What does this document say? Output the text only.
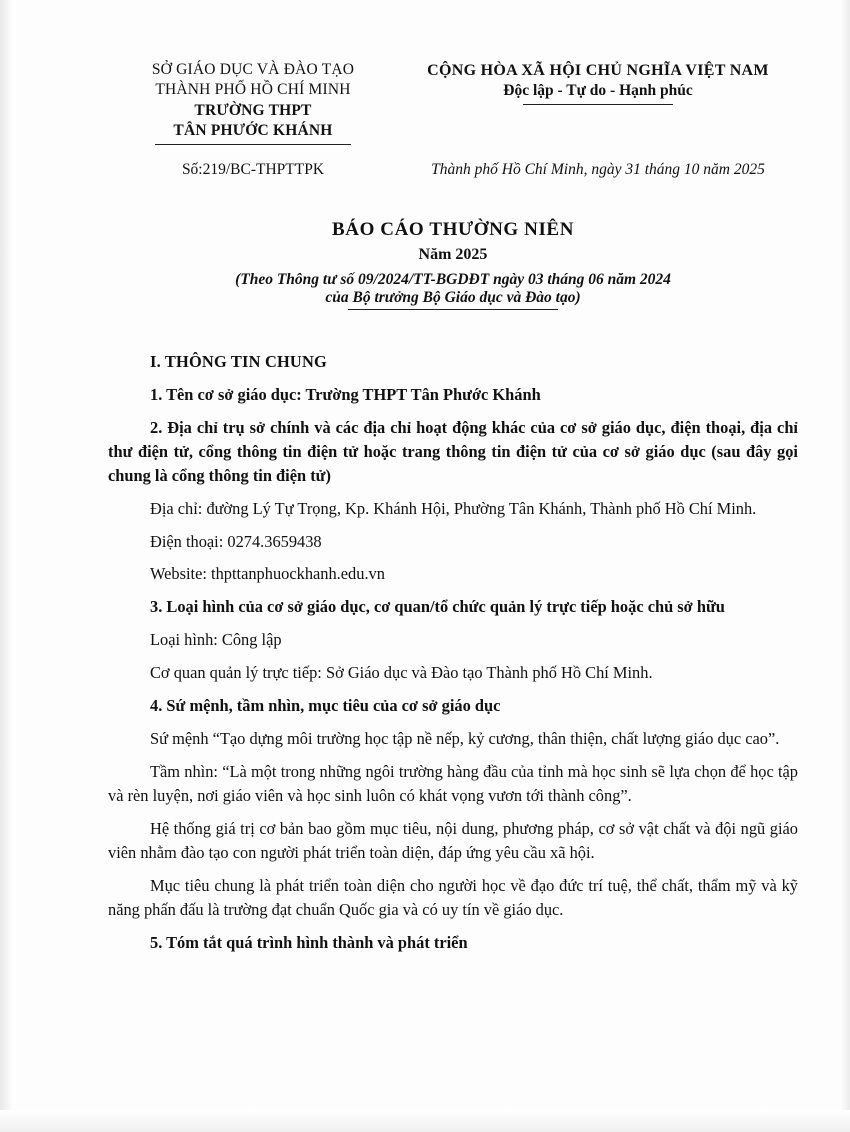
SỞ GIÁO DỤC VÀ ĐÀO TẠO
THÀNH PHỐ HỒ CHÍ MINH
TRƯỜNG THPT
TÂN PHƯỚC KHÁNH
CỘNG HÒA XÃ HỘI CHỦ NGHĨA VIỆT NAM
Độc lập - Tự do - Hạnh phúc
Số:219/BC-THPTTPK	Thành phố Hồ Chí Minh, ngày 31 tháng 10 năm 2025
BÁO CÁO THƯỜNG NIÊN
Năm 2025
(Theo Thông tư số 09/2024/TT-BGDĐT ngày 03 tháng 06 năm 2024
của Bộ trưởng Bộ Giáo dục và Đào tạo)

I. THÔNG TIN CHUNG

1. Tên cơ sở giáo dục: Trường THPT Tân Phước Khánh

2. Địa chỉ trụ sở chính và các địa chỉ hoạt động khác của cơ sở giáo dục, điện thoại, địa chỉ thư điện tử, cổng thông tin điện tử hoặc trang thông tin điện tử của cơ sở giáo dục (sau đây gọi chung là cổng thông tin điện tử)

Địa chỉ: đường Lý Tự Trọng, Kp. Khánh Hội, Phường Tân Khánh, Thành phố Hồ Chí Minh.

Điện thoại: 0274.3659438

Website: thpttanphuockhanh.edu.vn

3. Loại hình của cơ sở giáo dục, cơ quan/tổ chức quản lý trực tiếp hoặc chủ sở hữu

Loại hình: Công lập

Cơ quan quản lý trực tiếp: Sở Giáo dục và Đào tạo Thành phố Hồ Chí Minh.

4. Sứ mệnh, tầm nhìn, mục tiêu của cơ sở giáo dục

Sứ mệnh “Tạo dựng môi trường học tập nề nếp, kỷ cương, thân thiện, chất lượng giáo dục cao”.

Tầm nhìn: “Là một trong những ngôi trường hàng đầu của tỉnh mà học sinh sẽ lựa chọn để học tập và rèn luyện, nơi giáo viên và học sinh luôn có khát vọng vươn tới thành công”.

Hệ thống giá trị cơ bản bao gồm mục tiêu, nội dung, phương pháp, cơ sở vật chất và đội ngũ giáo viên nhằm đào tạo con người phát triển toàn diện, đáp ứng yêu cầu xã hội.

Mục tiêu chung là phát triển toàn diện cho người học về đạo đức trí tuệ, thể chất, thẩm mỹ và kỹ năng phấn đấu là trường đạt chuẩn Quốc gia và có uy tín về giáo dục.

5. Tóm tắt quá trình hình thành và phát triển
